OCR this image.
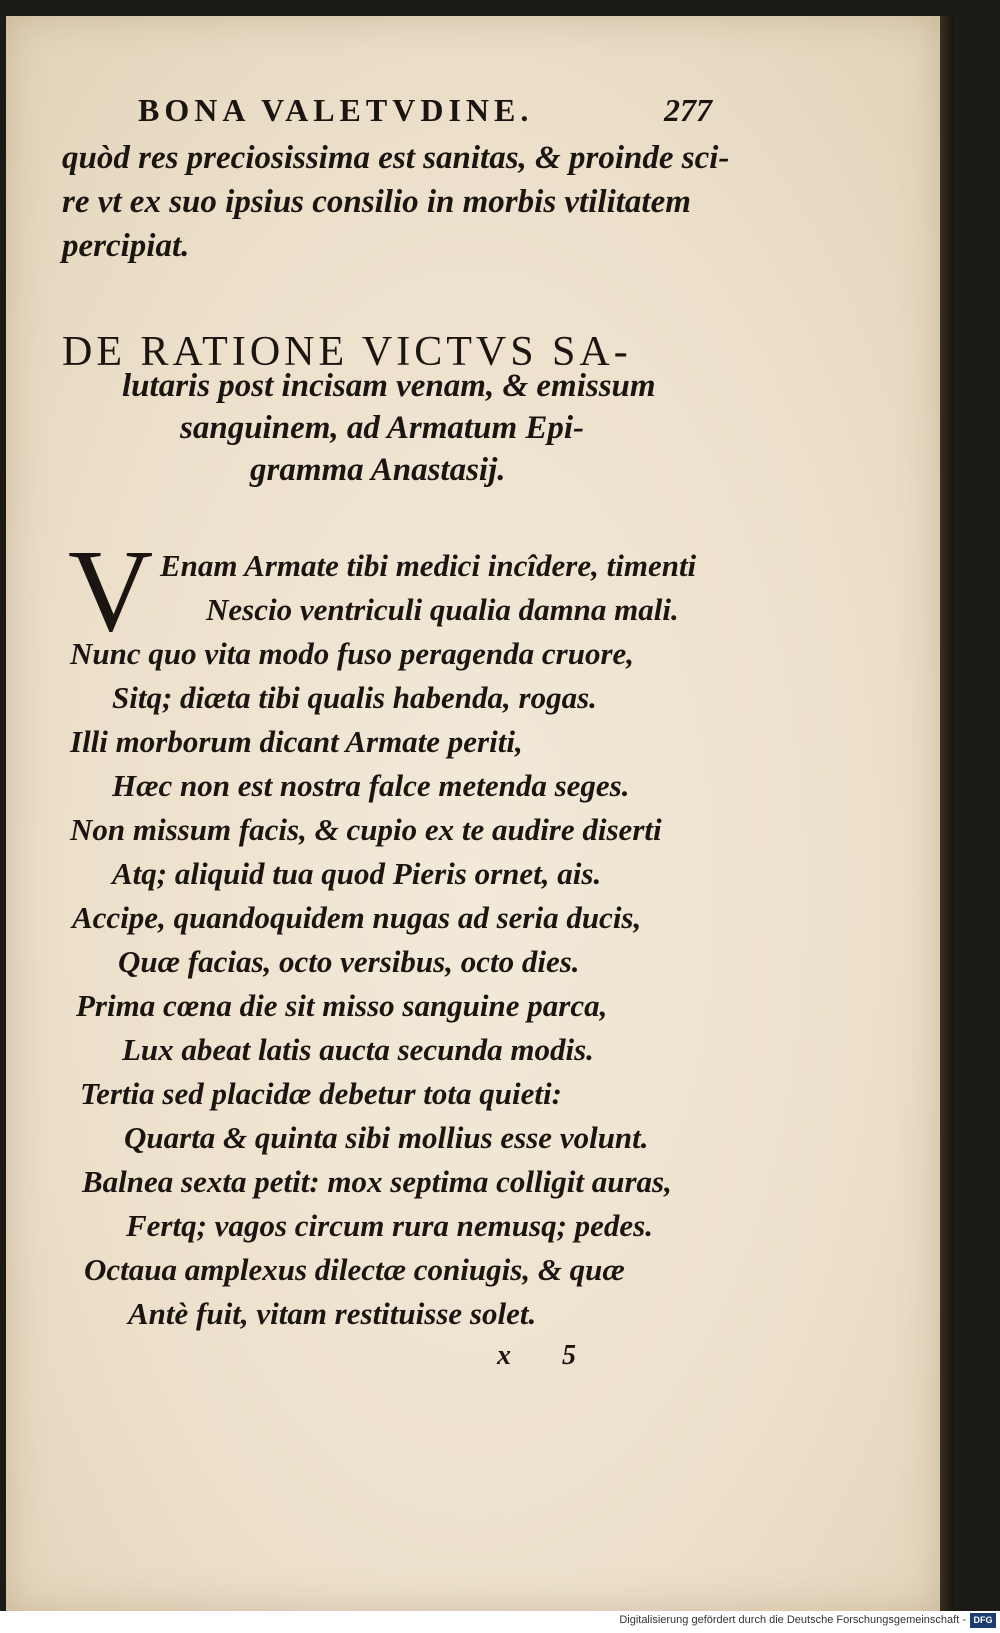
BONA VALETVDINE.	277
quòd res preciosissima est sanitas, & proinde sci-
re vt ex suo ipsius consilio in morbis vtilitatem
percipiat.
DE RATIONE VICTVS SA-
lutaris post incisam venam, & emissum
sanguinem, ad Armatum Epi-
gramma Anastasij.
V Enam Armate tibi medici incîdere, timenti
Nescio ventriculi qualia damna mali.
Nunc quo vita modo fuso peragenda cruore,
Sitq; diæta tibi qualis habenda, rogas.
Illi morborum dicant Armate periti,
Hæc non est nostra falce metenda seges.
Non missum facis, & cupio ex te audire diserti
Atq; aliquid tua quod Pieris ornet, ais.
Accipe, quandoquidem nugas ad seria ducis,
Quæ facias, octo versibus, octo dies.
Prima cœna die sit misso sanguine parca,
Lux abeat latis aucta secunda modis.
Tertia sed placidæ debetur tota quieti:
Quarta & quinta sibi mollius esse volunt.
Balnea sexta petit: mox septima colligit auras,
Fertq; vagos circum rura nemusq; pedes.
Octaua amplexus dilectæ coniugis, & quæ
Antè fuit, vitam restituisse solet.
x 5
Digitalisierung gefördert durch die Deutsche Forschungsgemeinschaft - DFG
